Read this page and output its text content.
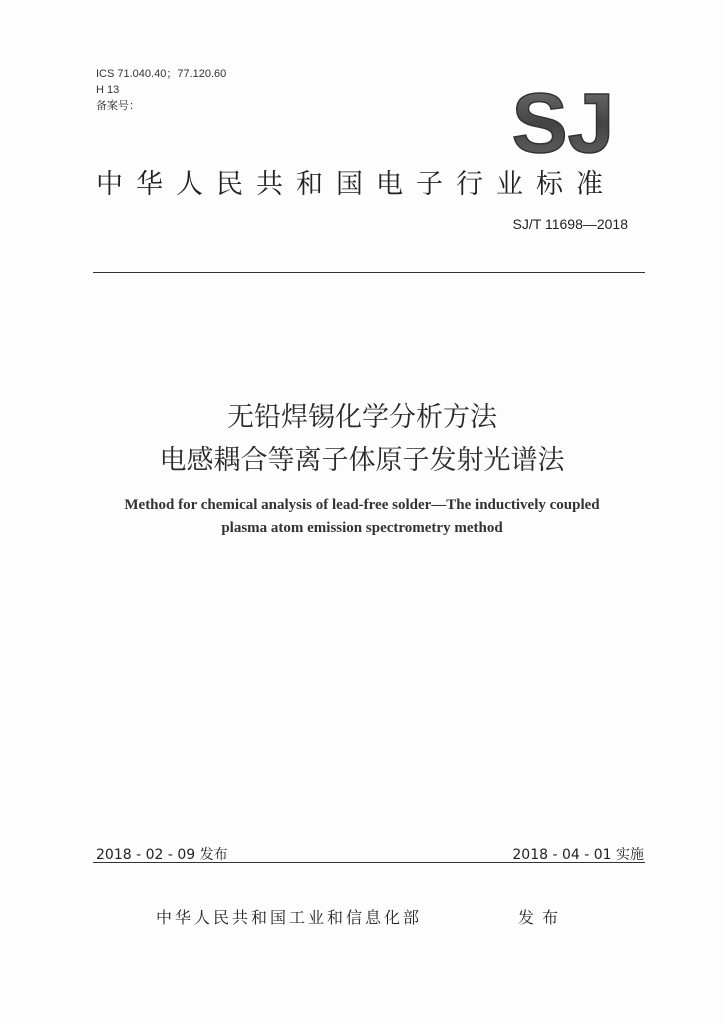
ICS 71.040.40；77.120.60
H 13
备案号：	SJ
中华人民共和国电子行业标准
SJ/T 11698—2018
无铅焊锡化学分析方法
电感耦合等离子体原子发射光谱法
Method for chemical analysis of lead-free solder—The inductively coupled
plasma atom emission spectrometry method
2018 - 02 - 09 发布	2018 - 04 - 01 实施
中华人民共和国工业和信息化部	发布
